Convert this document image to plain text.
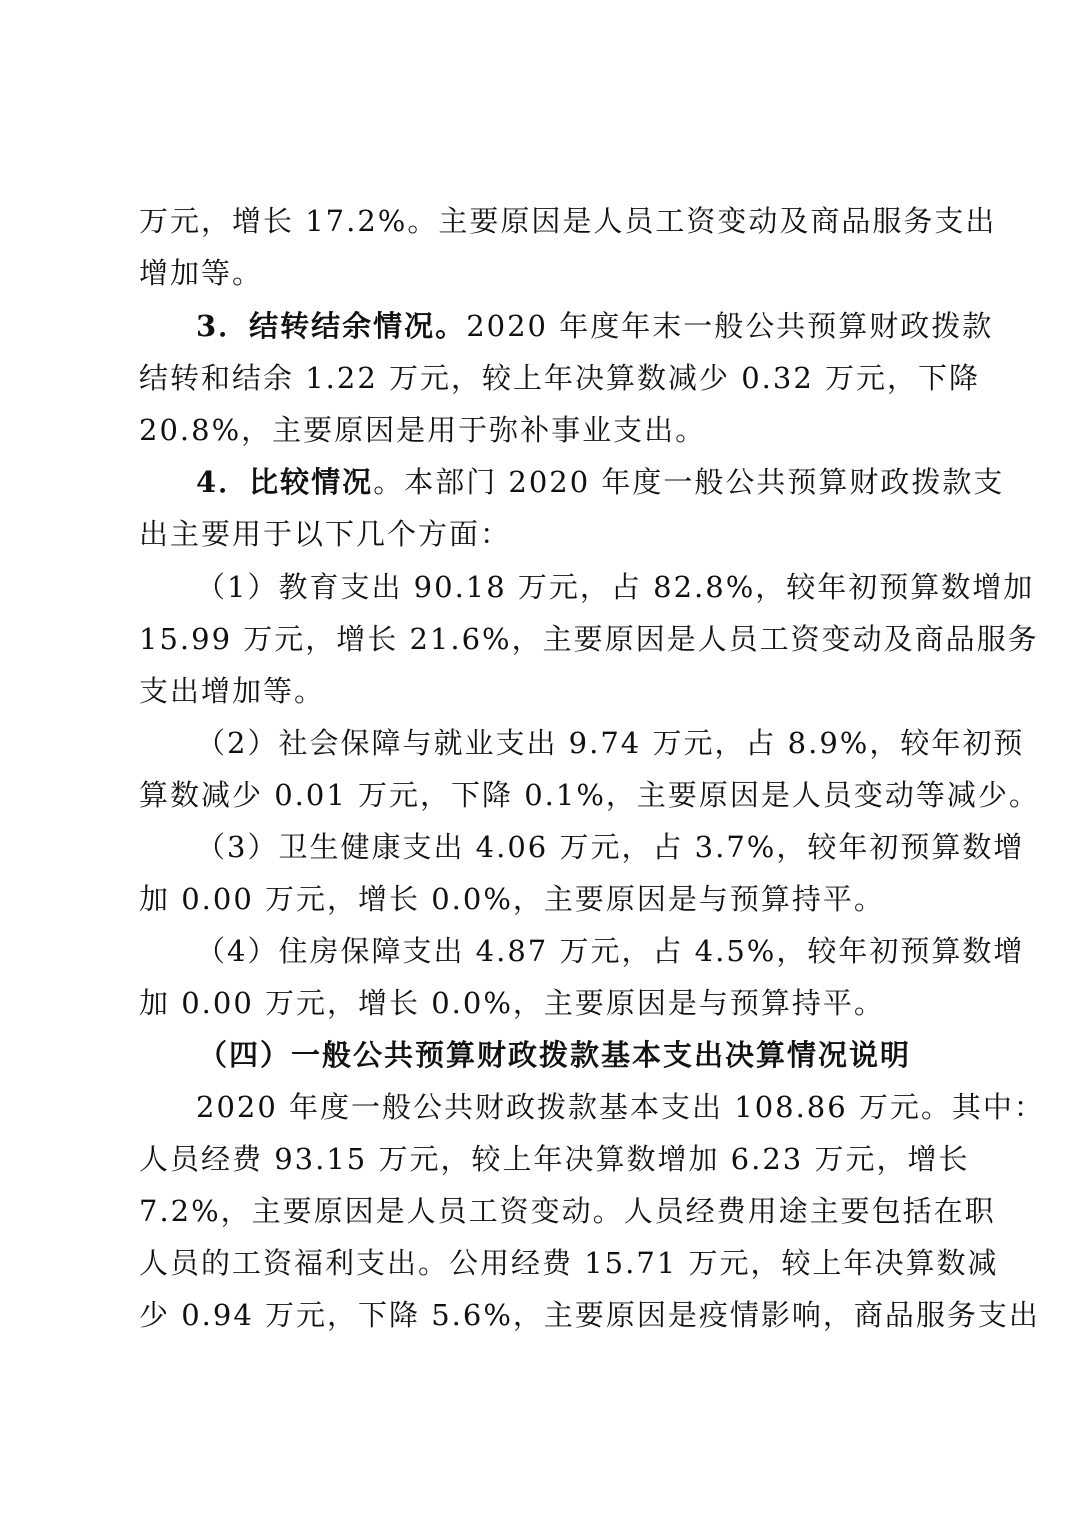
万元，增长 17.2%。主要原因是人员工资变动及商品服务支出
增加等。
3．结转结余情况。2020 年度年末一般公共预算财政拨款
结转和结余 1.22 万元，较上年决算数减少 0.32 万元，下降
20.8%，主要原因是用于弥补事业支出。
4．比较情况。本部门 2020 年度一般公共预算财政拨款支
出主要用于以下几个方面：
（1）教育支出 90.18 万元，占 82.8%，较年初预算数增加
15.99 万元，增长 21.6%，主要原因是人员工资变动及商品服务
支出增加等。
（2）社会保障与就业支出 9.74 万元，占 8.9%，较年初预
算数减少 0.01 万元，下降 0.1%，主要原因是人员变动等减少。
（3）卫生健康支出 4.06 万元，占 3.7%，较年初预算数增
加 0.00 万元，增长 0.0%，主要原因是与预算持平。
（4）住房保障支出 4.87 万元，占 4.5%，较年初预算数增
加 0.00 万元，增长 0.0%，主要原因是与预算持平。
（四）一般公共预算财政拨款基本支出决算情况说明
2020 年度一般公共财政拨款基本支出 108.86 万元。其中：
人员经费 93.15 万元，较上年决算数增加 6.23 万元，增长
7.2%，主要原因是人员工资变动。人员经费用途主要包括在职
人员的工资福利支出。公用经费 15.71 万元，较上年决算数减
少 0.94 万元，下降 5.6%，主要原因是疫情影响，商品服务支出
